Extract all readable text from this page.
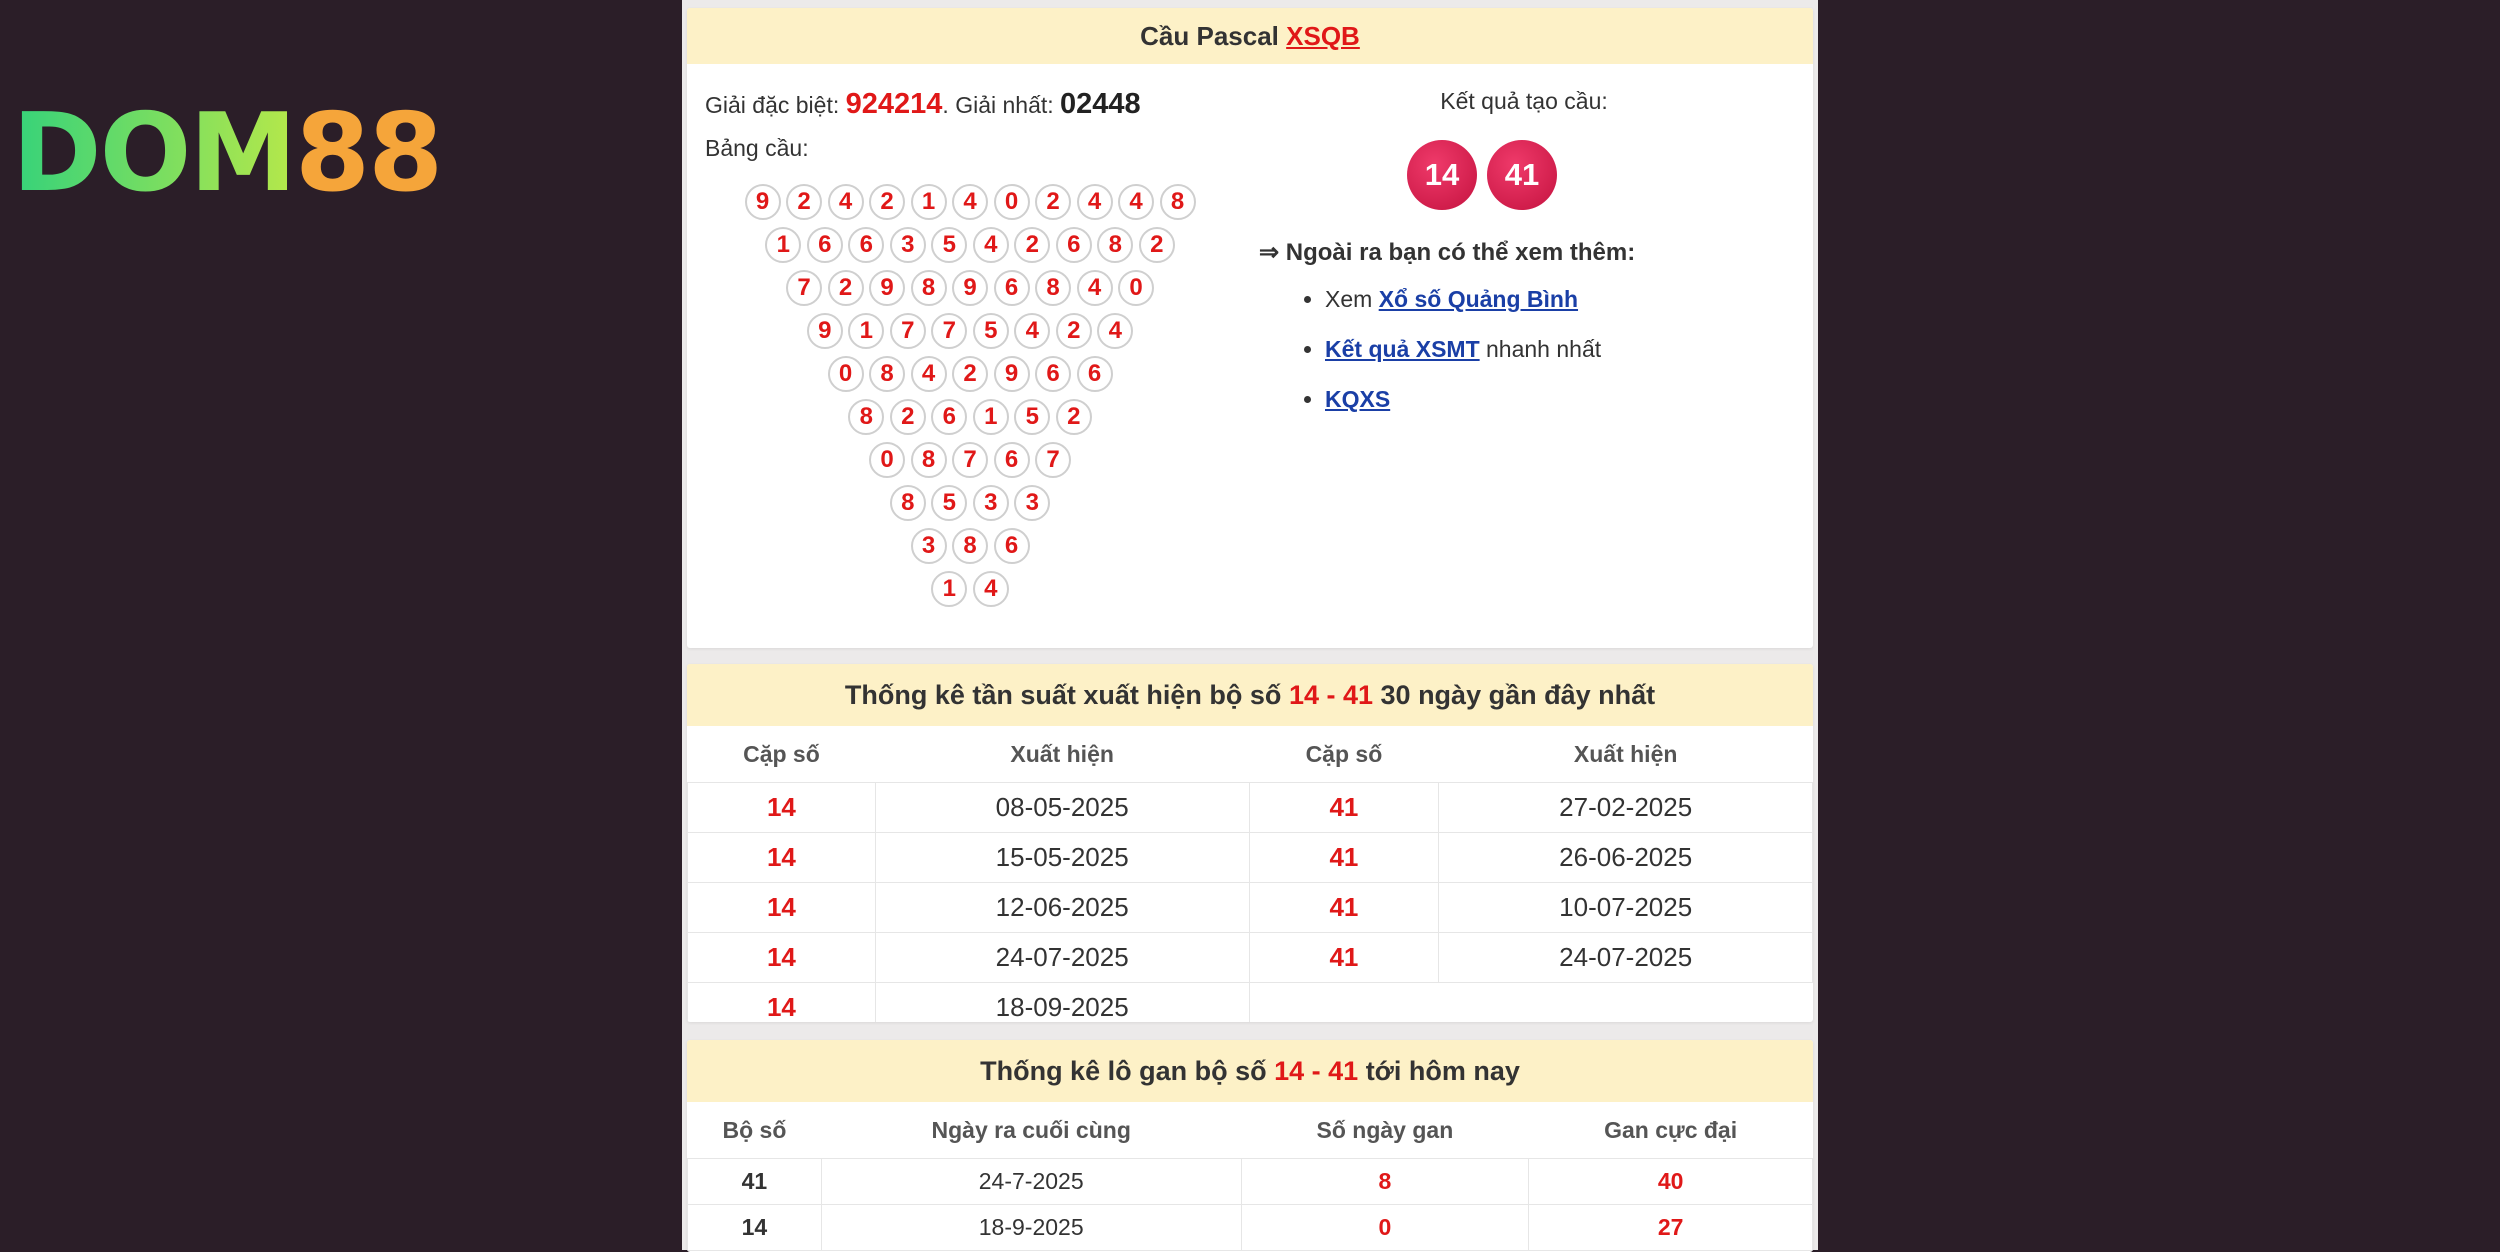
DOM88
Cầu Pascal XSQB
9	2	4	2	1	4	0	2	4	4	8
1	6	6	3	5	4	2	6	8	2
7	2	9	8	9	6	8	4	0
9	1	7	7	5	4	2	4
0	8	4	2	9	6	6
8	2	6	1	5	2
0	8	7	6	7
8	5	3	3
3	8	6
1	4
Giải đặc biệt: 924214. Giải nhất: 02448
Bảng cầu:
Kết quả tạo cầu:
14	41
⇒ Ngoài ra bạn có thể xem thêm:
• Xem Xổ số Quảng Bình
• Kết quả XSMT nhanh nhất
• KQXS
Thống kê tần suất xuất hiện bộ số 14 - 41 30 ngày gần đây nhất
Cặp số	Xuất hiện	Cặp số	Xuất hiện
14	08-05-2025	41	27-02-2025
14	15-05-2025	41	26-06-2025
14	12-06-2025	41	10-07-2025
14	24-07-2025	41	24-07-2025
14	18-09-2025		
Thống kê lô gan bộ số 14 - 41 tới hôm nay
Bộ số	Ngày ra cuối cùng	Số ngày gan	Gan cực đại
41	24-7-2025	8	40
14	18-9-2025	0	27
